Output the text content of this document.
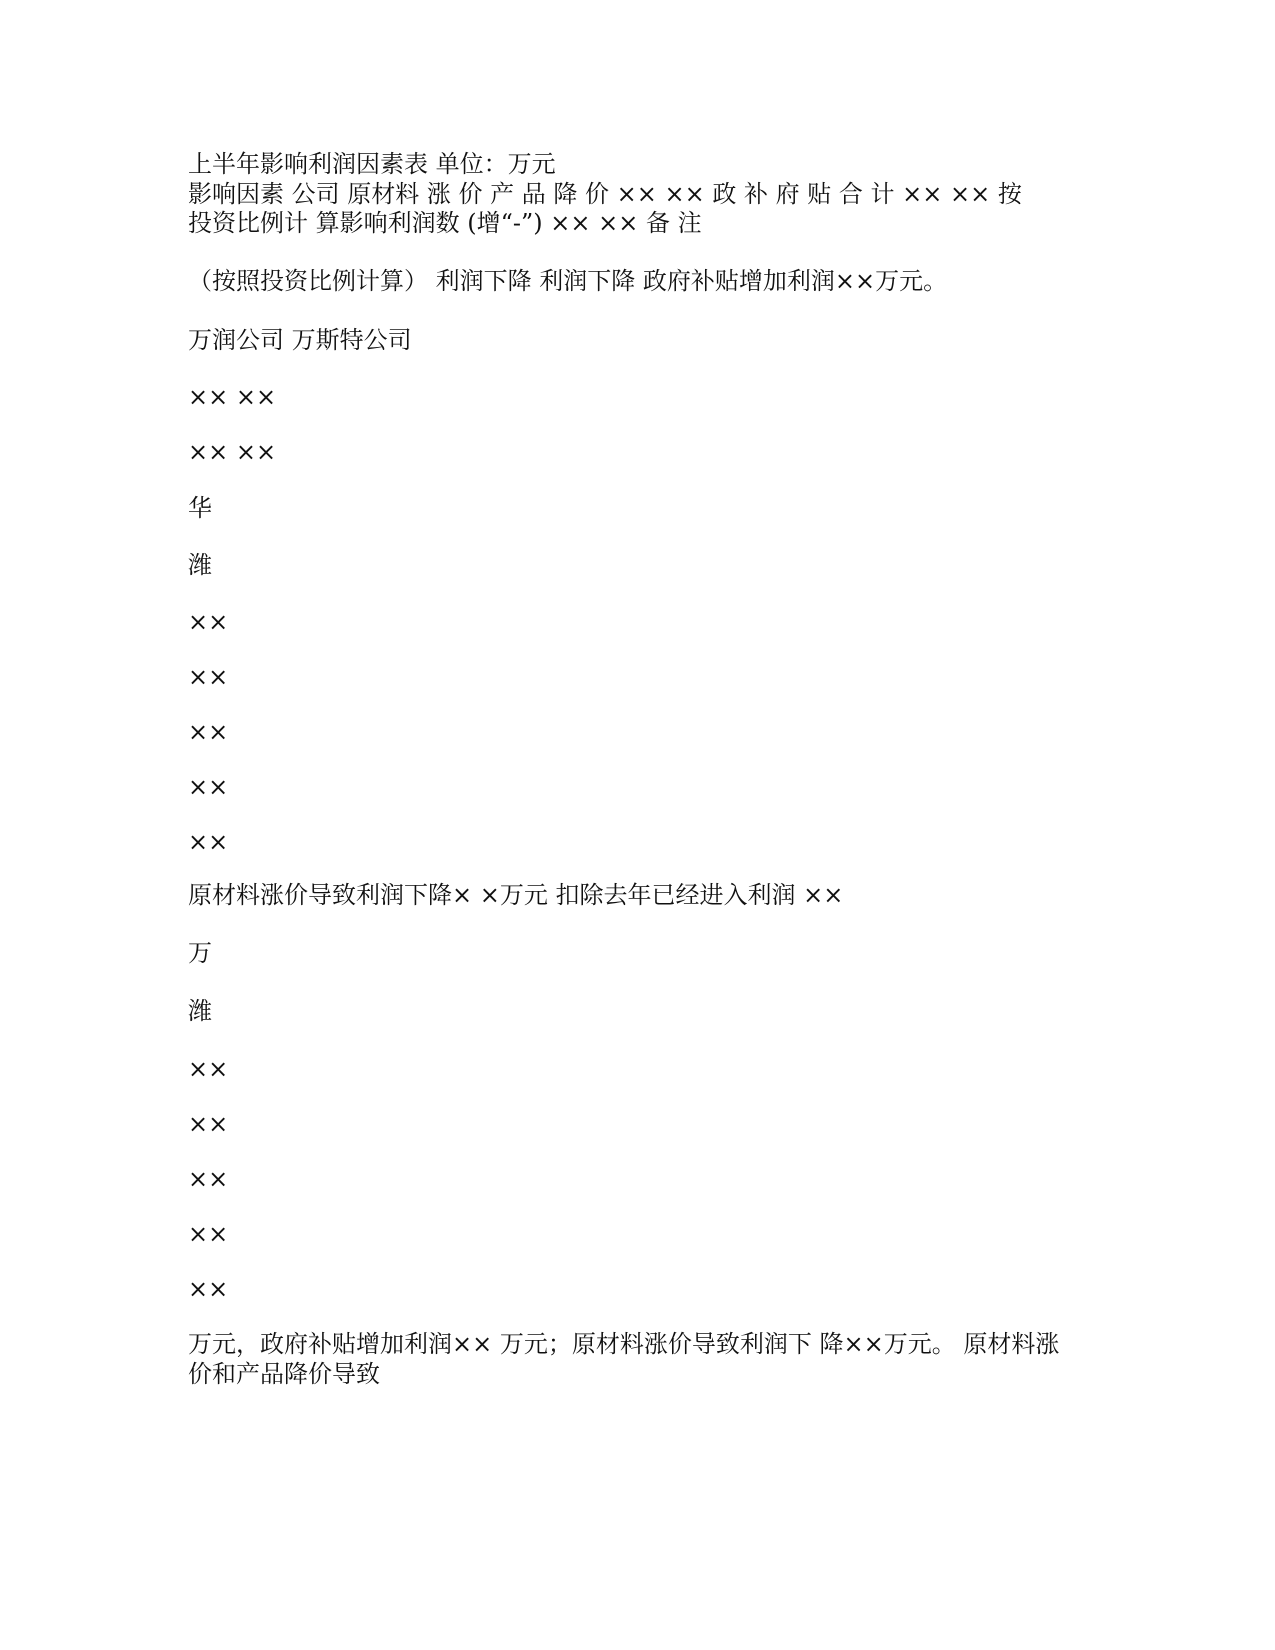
上半年影响利润因素表 单位：万元
影响因素 公司 原材料 涨 价 产 品 降 价 ×× ×× 政 补 府 贴 合 计 ×× ×× 按
投资比例计 算影响利润数 (增“-”) ×× ×× 备 注
（按照投资比例计算） 利润下降 利润下降 政府补贴增加利润××万元。
万润公司 万斯特公司
×× ××
×× ××
华
潍
××
××
××
××
××
原材料涨价导致利润下降× ×万元 扣除去年已经进入利润 ××
万
潍
××
××
××
××
××
万元，政府补贴增加利润×× 万元；原材料涨价导致利润下 降××万元。 原材料涨
价和产品降价导致
